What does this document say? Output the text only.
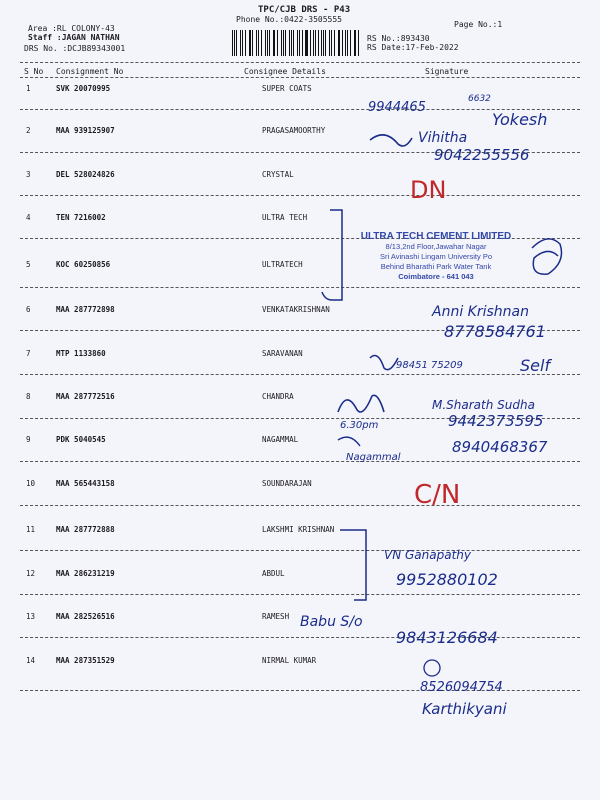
TPC/CJB DRS - P43
Phone No.:0422-3505555
Page No.:1
RS No.:893430
RS Date:17-Feb-2022
Area :RL COLONY-43
Staff :JAGAN NATHAN
DRS No. :DCJB89343001
S No Consignment No	Consignee Details	Signature
1	SVK 20070995	SUPER COATS
2	MAA 939125907	PRAGASAMOORTHY
3	DEL 528024826	CRYSTAL
4	TEN 7216002	ULTRA TECH
5	KOC 60250856	ULTRATECH
6	MAA 287772898	VENKATAKRISHNAN
7	MTP 1133860	SARAVANAN
8	MAA 287772516	CHANDRA
9	PDK 5040545	NAGAMMAL
10	MAA 565443158	SOUNDARAJAN
11	MAA 287772888	LAKSHMI KRISHNAN
12	MAA 286231219	ABDUL
13	MAA 282526516	RAMESH
14	MAA 287351529	NIRMAL KUMAR
ULTRA TECH CEMENT LIMITED
8/13,2nd Floor,Jawahar Nagar
Sri Avinashi Lingam University Po
Behind Bharathi Park Water Tank
Coimbatore - 641 043
9944465
6632
Yokesh
Vihitha
9042255556
DN
Anni Krishnan
8778584761
98451 75209	Self
M.Sharath Sudha
9442373595
6.30pm
8940468367
Nagammal
C/N
VN Ganapathy
9952880102
Babu S/o
9843126684
8526094754
Karthikyani
